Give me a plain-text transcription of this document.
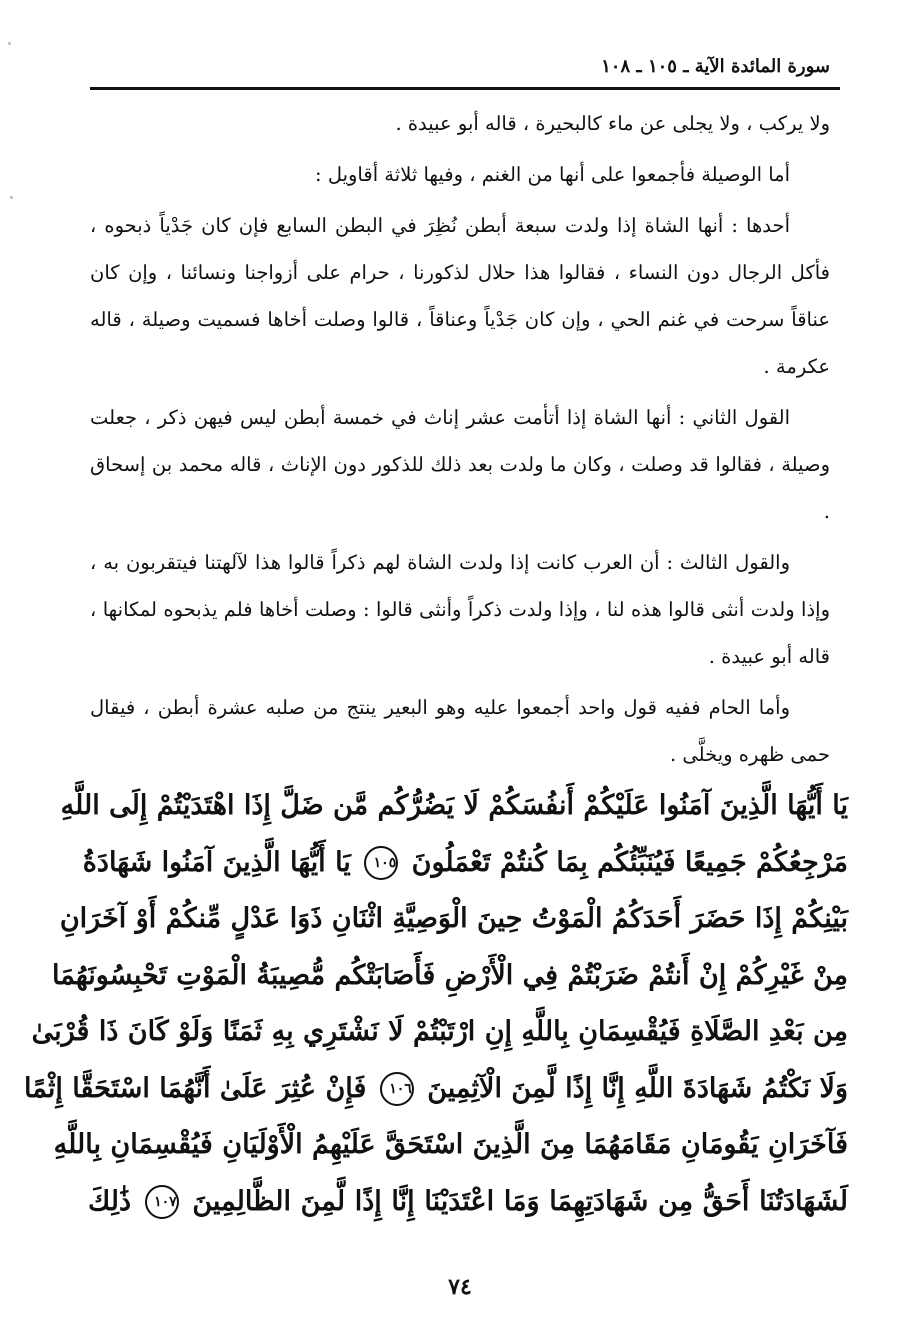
سورة المائدة الآية ـ ١٠٥ ـ ١٠٨

ولا يركب ، ولا يجلى عن ماء كالبحيرة ، قاله أبو عبيدة .

أما الوصيلة فأجمعوا على أنها من الغنم ، وفيها ثلاثة أقاويل :

أحدها : أنها الشاة إذا ولدت سبعة أبطن نُظِرَ في البطن السابع فإن كان جَدْياً ذبحوه ، فأكل الرجال دون النساء ، فقالوا هذا حلال لذكورنا ، حرام على أزواجنا ونسائنا ، وإن كان عناقاً سرحت في غنم الحي ، وإن كان جَدْياً وعناقاً ، قالوا وصلت أخاها فسميت وصيلة ، قاله عكرمة .

القول الثاني : أنها الشاة إذا أتأمت عشر إناث في خمسة أبطن ليس فيهن ذكر ، جعلت وصيلة ، فقالوا قد وصلت ، وكان ما ولدت بعد ذلك للذكور دون الإناث ، قاله محمد بن إسحاق .

والقول الثالث : أن العرب كانت إذا ولدت الشاة لهم ذكراً قالوا هذا لآلهتنا فيتقربون به ، وإذا ولدت أنثى قالوا هذه لنا ، وإذا ولدت ذكراً وأنثى قالوا : وصلت أخاها فلم يذبحوه لمكانها ، قاله أبو عبيدة .

وأما الحام ففيه قول واحد أجمعوا عليه وهو البعير ينتج من صلبه عشرة أبطن ، فيقال حمى ظهره ويخلَّى .

يَا أَيُّهَا الَّذِينَ آمَنُوا عَلَيْكُمْ أَنفُسَكُمْ لَا يَضُرُّكُم مَّن ضَلَّ إِذَا اهْتَدَيْتُمْ إِلَى اللَّهِ
مَرْجِعُكُمْ جَمِيعًا فَيُنَبِّئُكُم بِمَا كُنتُمْ تَعْمَلُونَ ١٠٥ يَا أَيُّهَا الَّذِينَ آمَنُوا شَهَادَةُ
بَيْنِكُمْ إِذَا حَضَرَ أَحَدَكُمُ الْمَوْتُ حِينَ الْوَصِيَّةِ اثْنَانِ ذَوَا عَدْلٍ مِّنكُمْ أَوْ آخَرَانِ
مِنْ غَيْرِكُمْ إِنْ أَنتُمْ ضَرَبْتُمْ فِي الْأَرْضِ فَأَصَابَتْكُم مُّصِيبَةُ الْمَوْتِ تَحْبِسُونَهُمَا
مِن بَعْدِ الصَّلَاةِ فَيُقْسِمَانِ بِاللَّهِ إِنِ ارْتَبْتُمْ لَا نَشْتَرِي بِهِ ثَمَنًا وَلَوْ كَانَ ذَا قُرْبَىٰ
وَلَا نَكْتُمُ شَهَادَةَ اللَّهِ إِنَّا إِذًا لَّمِنَ الْآثِمِينَ ١٠٦ فَإِنْ عُثِرَ عَلَىٰ أَنَّهُمَا اسْتَحَقَّا إِثْمًا
فَآخَرَانِ يَقُومَانِ مَقَامَهُمَا مِنَ الَّذِينَ اسْتَحَقَّ عَلَيْهِمُ الْأَوْلَيَانِ فَيُقْسِمَانِ بِاللَّهِ
لَشَهَادَتُنَا أَحَقُّ مِن شَهَادَتِهِمَا وَمَا اعْتَدَيْنَا إِنَّا إِذًا لَّمِنَ الظَّالِمِينَ ١٠٧ ذَٰلِكَ
٧٤
